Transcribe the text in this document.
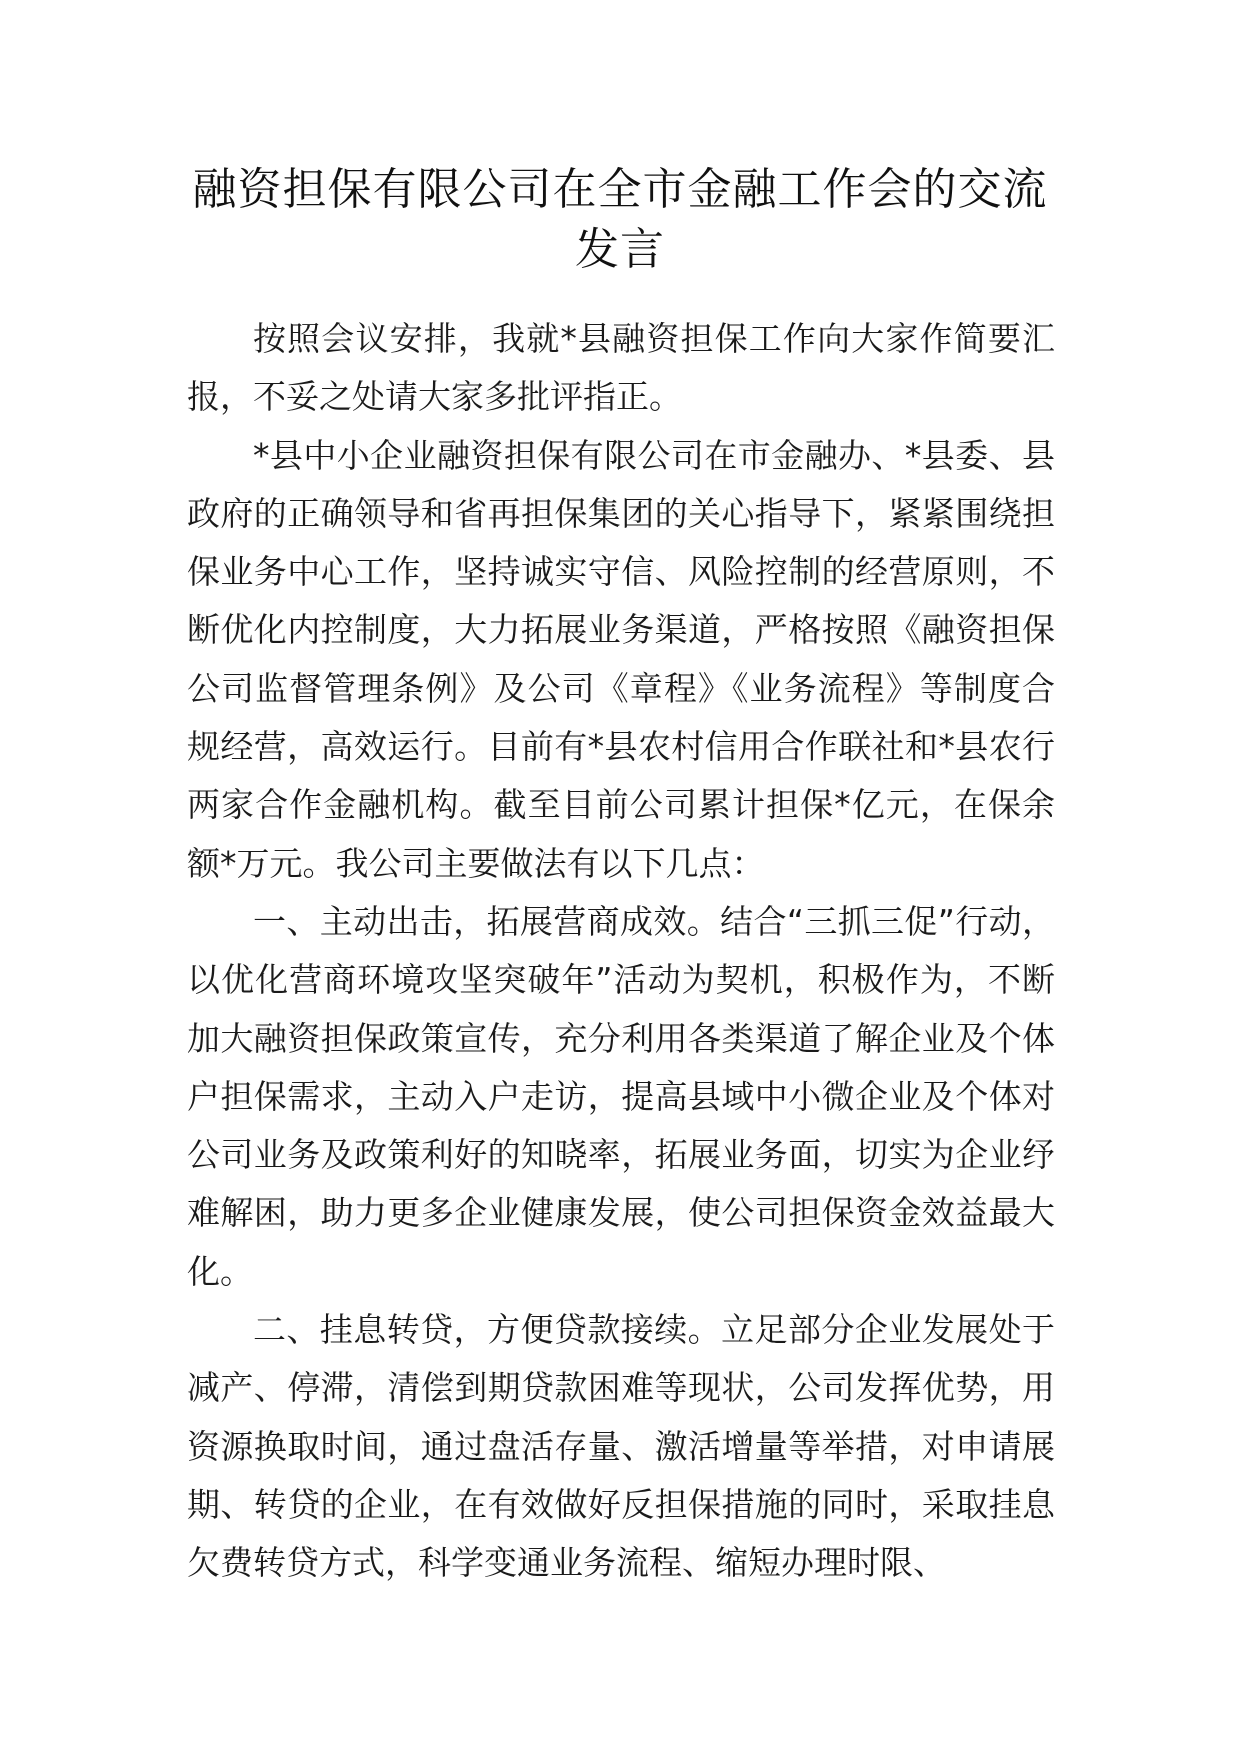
融资担保有限公司在全市金融工作会的交流发言

按照会议安排，我就*县融资担保工作向大家作简要汇报，不妥之处请大家多批评指正。

*县中小企业融资担保有限公司在市金融办、*县委、县政府的正确领导和省再担保集团的关心指导下，紧紧围绕担保业务中心工作，坚持诚实守信、风险控制的经营原则，不断优化内控制度，大力拓展业务渠道，严格按照《融资担保公司监督管理条例》及公司《章程》《业务流程》等制度合规经营，高效运行。目前有*县农村信用合作联社和*县农行两家合作金融机构。截至目前公司累计担保*亿元，在保余额*万元。我公司主要做法有以下几点：

一、主动出击，拓展营商成效。结合“三抓三促”行动，以优化营商环境攻坚突破年”活动为契机，积极作为，不断加大融资担保政策宣传，充分利用各类渠道了解企业及个体户担保需求，主动入户走访，提高县域中小微企业及个体对公司业务及政策利好的知晓率，拓展业务面，切实为企业纾难解困，助力更多企业健康发展，使公司担保资金效益最大化。

二、挂息转贷，方便贷款接续。立足部分企业发展处于减产、停滞，清偿到期贷款困难等现状，公司发挥优势，用资源换取时间，通过盘活存量、激活增量等举措，对申请展期、转贷的企业，在有效做好反担保措施的同时，采取挂息欠费转贷方式，科学变通业务流程、缩短办理时限、
